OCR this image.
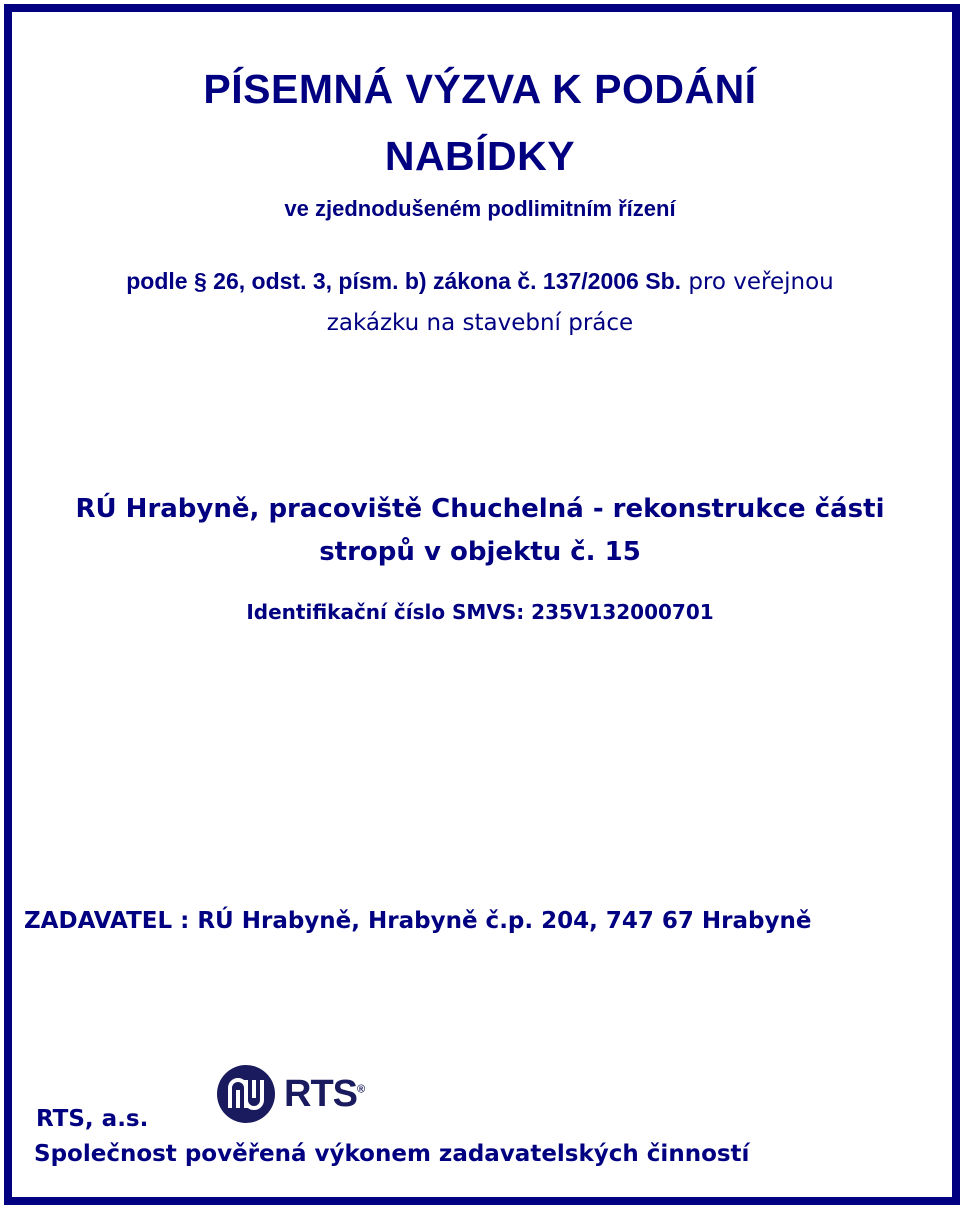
PÍSEMNÁ VÝZVA K PODÁNÍ
NABÍDKY
ve zjednodušeném podlimitním řízení
podle § 26, odst. 3, písm. b) zákona č. 137/2006 Sb. pro veřejnou
zakázku na stavební práce
RÚ Hrabyně, pracoviště Chuchelná - rekonstrukce části
stropů v objektu č. 15
Identifikační číslo SMVS: 235V132000701
ZADAVATEL : RÚ Hrabyně, Hrabyně č.p. 204, 747 67 Hrabyně
RTS®
RTS, a.s.
Společnost pověřená výkonem zadavatelských činností
